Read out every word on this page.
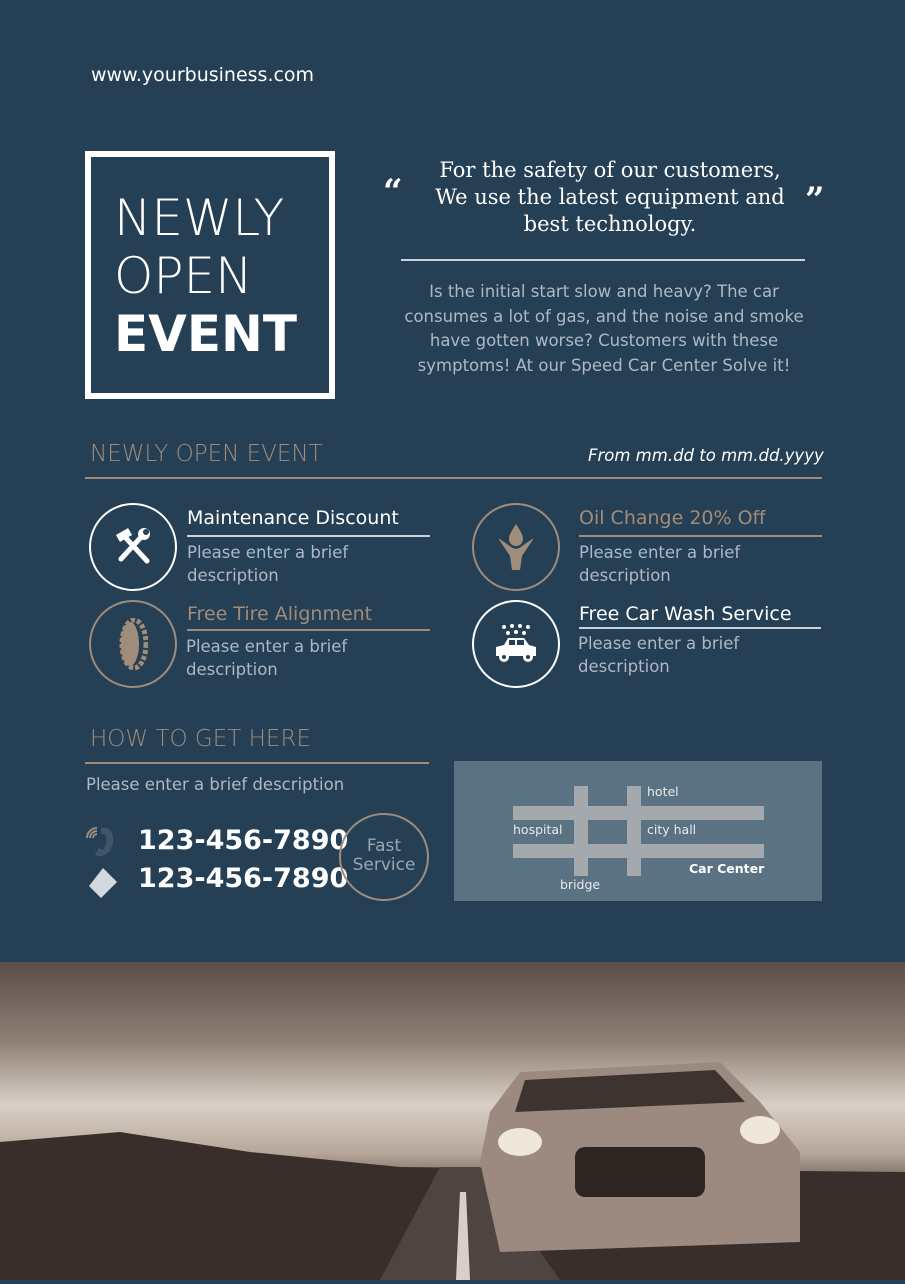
www.yourbusiness.com
NEWLY
OPEN
EVENT
“	”
For the safety of our customers,
We use the latest equipment and
best technology.
Is the initial start slow and heavy? The car consumes a lot of gas, and the noise and smoke have gotten worse? Customers with these symptoms! At our Speed Car Center Solve it!
NEWLY OPEN EVENT	From mm.dd to mm.dd.yyyy
Maintenance Discount
Please enter a brief description
Oil Change 20% Off
Please enter a brief description
Free Tire Alignment
Please enter a brief description
Free Car Wash Service
Please enter a brief description
HOW TO GET HERE
Please enter a brief description
123-456-7890
123-456-7890
Fast
Service
hotel
hospital	city hall
Car Center
bridge
